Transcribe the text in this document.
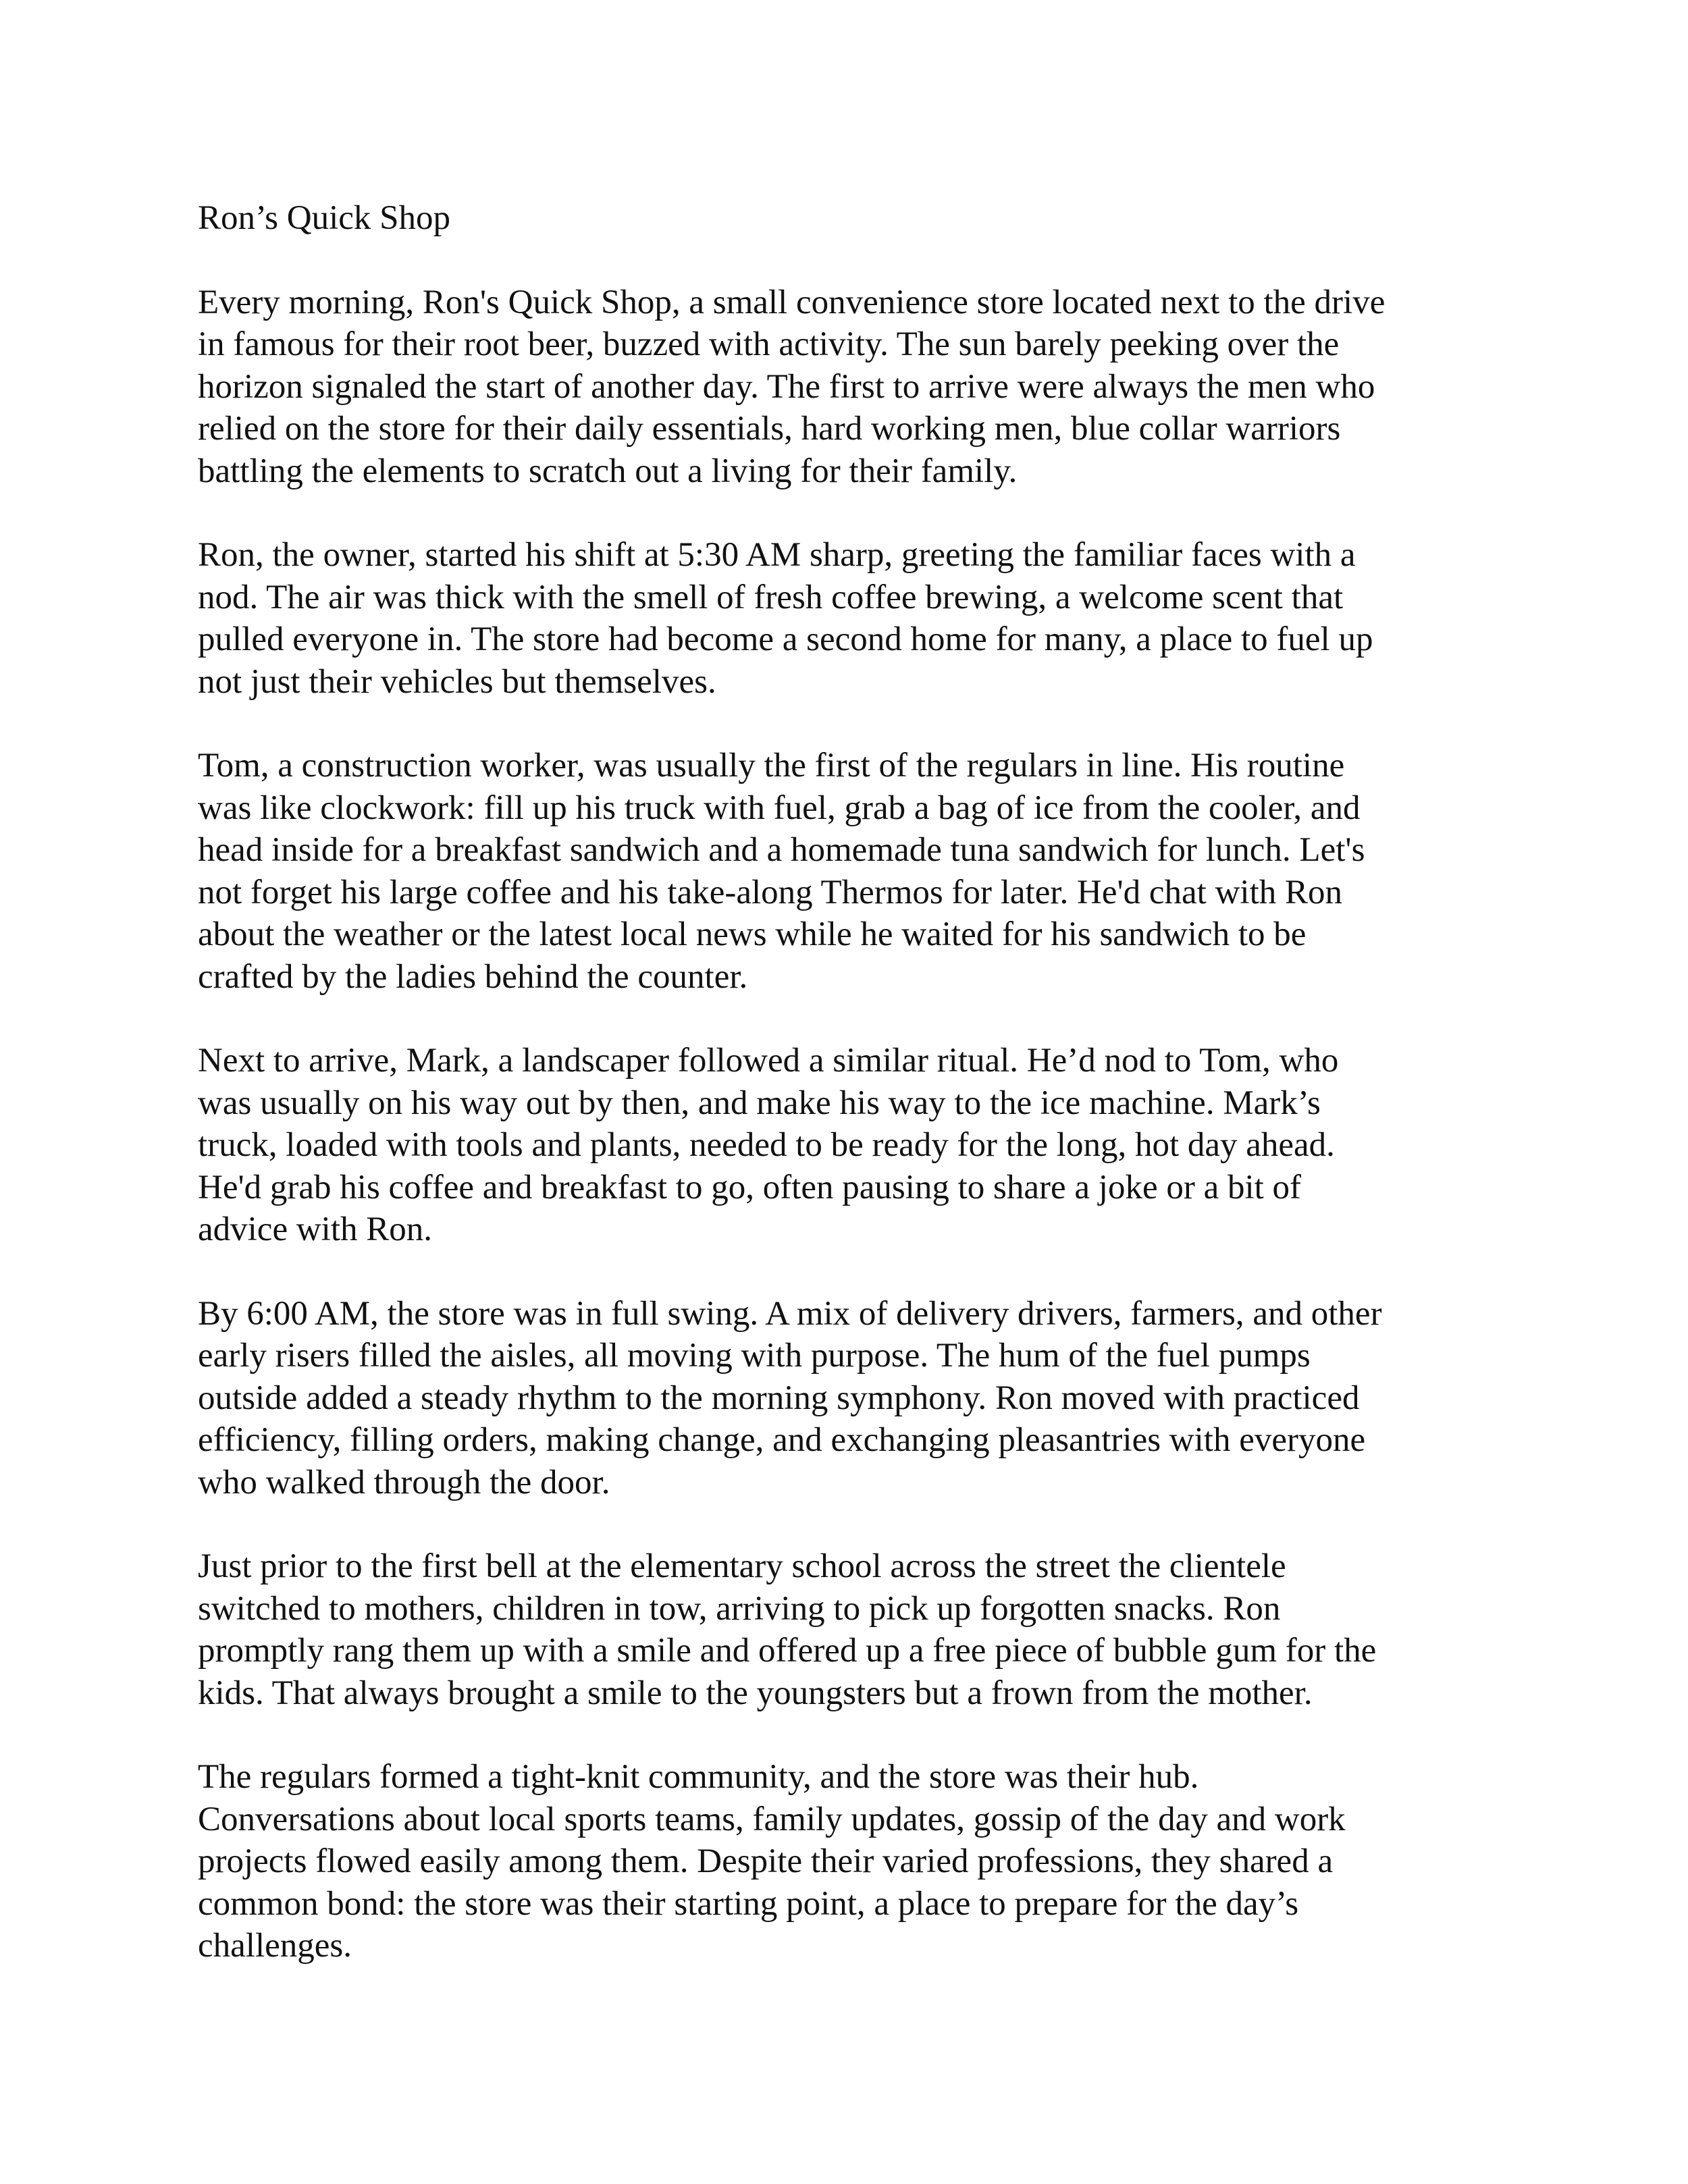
Ron’s Quick Shop

Every morning, Ron's Quick Shop, a small convenience store located next to the drive
in famous for their root beer, buzzed with activity. The sun barely peeking over the
horizon signaled the start of another day. The first to arrive were always the men who
relied on the store for their daily essentials, hard working men, blue collar warriors
battling the elements to scratch out a living for their family.

Ron, the owner, started his shift at 5:30 AM sharp, greeting the familiar faces with a
nod. The air was thick with the smell of fresh coffee brewing, a welcome scent that
pulled everyone in. The store had become a second home for many, a place to fuel up
not just their vehicles but themselves.

Tom, a construction worker, was usually the first of the regulars in line. His routine
was like clockwork: fill up his truck with fuel, grab a bag of ice from the cooler, and
head inside for a breakfast sandwich and a homemade tuna sandwich for lunch. Let's
not forget his large coffee and his take-along Thermos for later. He'd chat with Ron
about the weather or the latest local news while he waited for his sandwich to be
crafted by the ladies behind the counter.

Next to arrive, Mark, a landscaper followed a similar ritual. He’d nod to Tom, who
was usually on his way out by then, and make his way to the ice machine. Mark’s
truck, loaded with tools and plants, needed to be ready for the long, hot day ahead.
He'd grab his coffee and breakfast to go, often pausing to share a joke or a bit of
advice with Ron.

By 6:00 AM, the store was in full swing. A mix of delivery drivers, farmers, and other
early risers filled the aisles, all moving with purpose. The hum of the fuel pumps
outside added a steady rhythm to the morning symphony. Ron moved with practiced
efficiency, filling orders, making change, and exchanging pleasantries with everyone
who walked through the door.

Just prior to the first bell at the elementary school across the street the clientele
switched to mothers, children in tow, arriving to pick up forgotten snacks. Ron
promptly rang them up with a smile and offered up a free piece of bubble gum for the
kids. That always brought a smile to the youngsters but a frown from the mother.

The regulars formed a tight-knit community, and the store was their hub.
Conversations about local sports teams, family updates, gossip of the day and work
projects flowed easily among them. Despite their varied professions, they shared a
common bond: the store was their starting point, a place to prepare for the day’s
challenges.
